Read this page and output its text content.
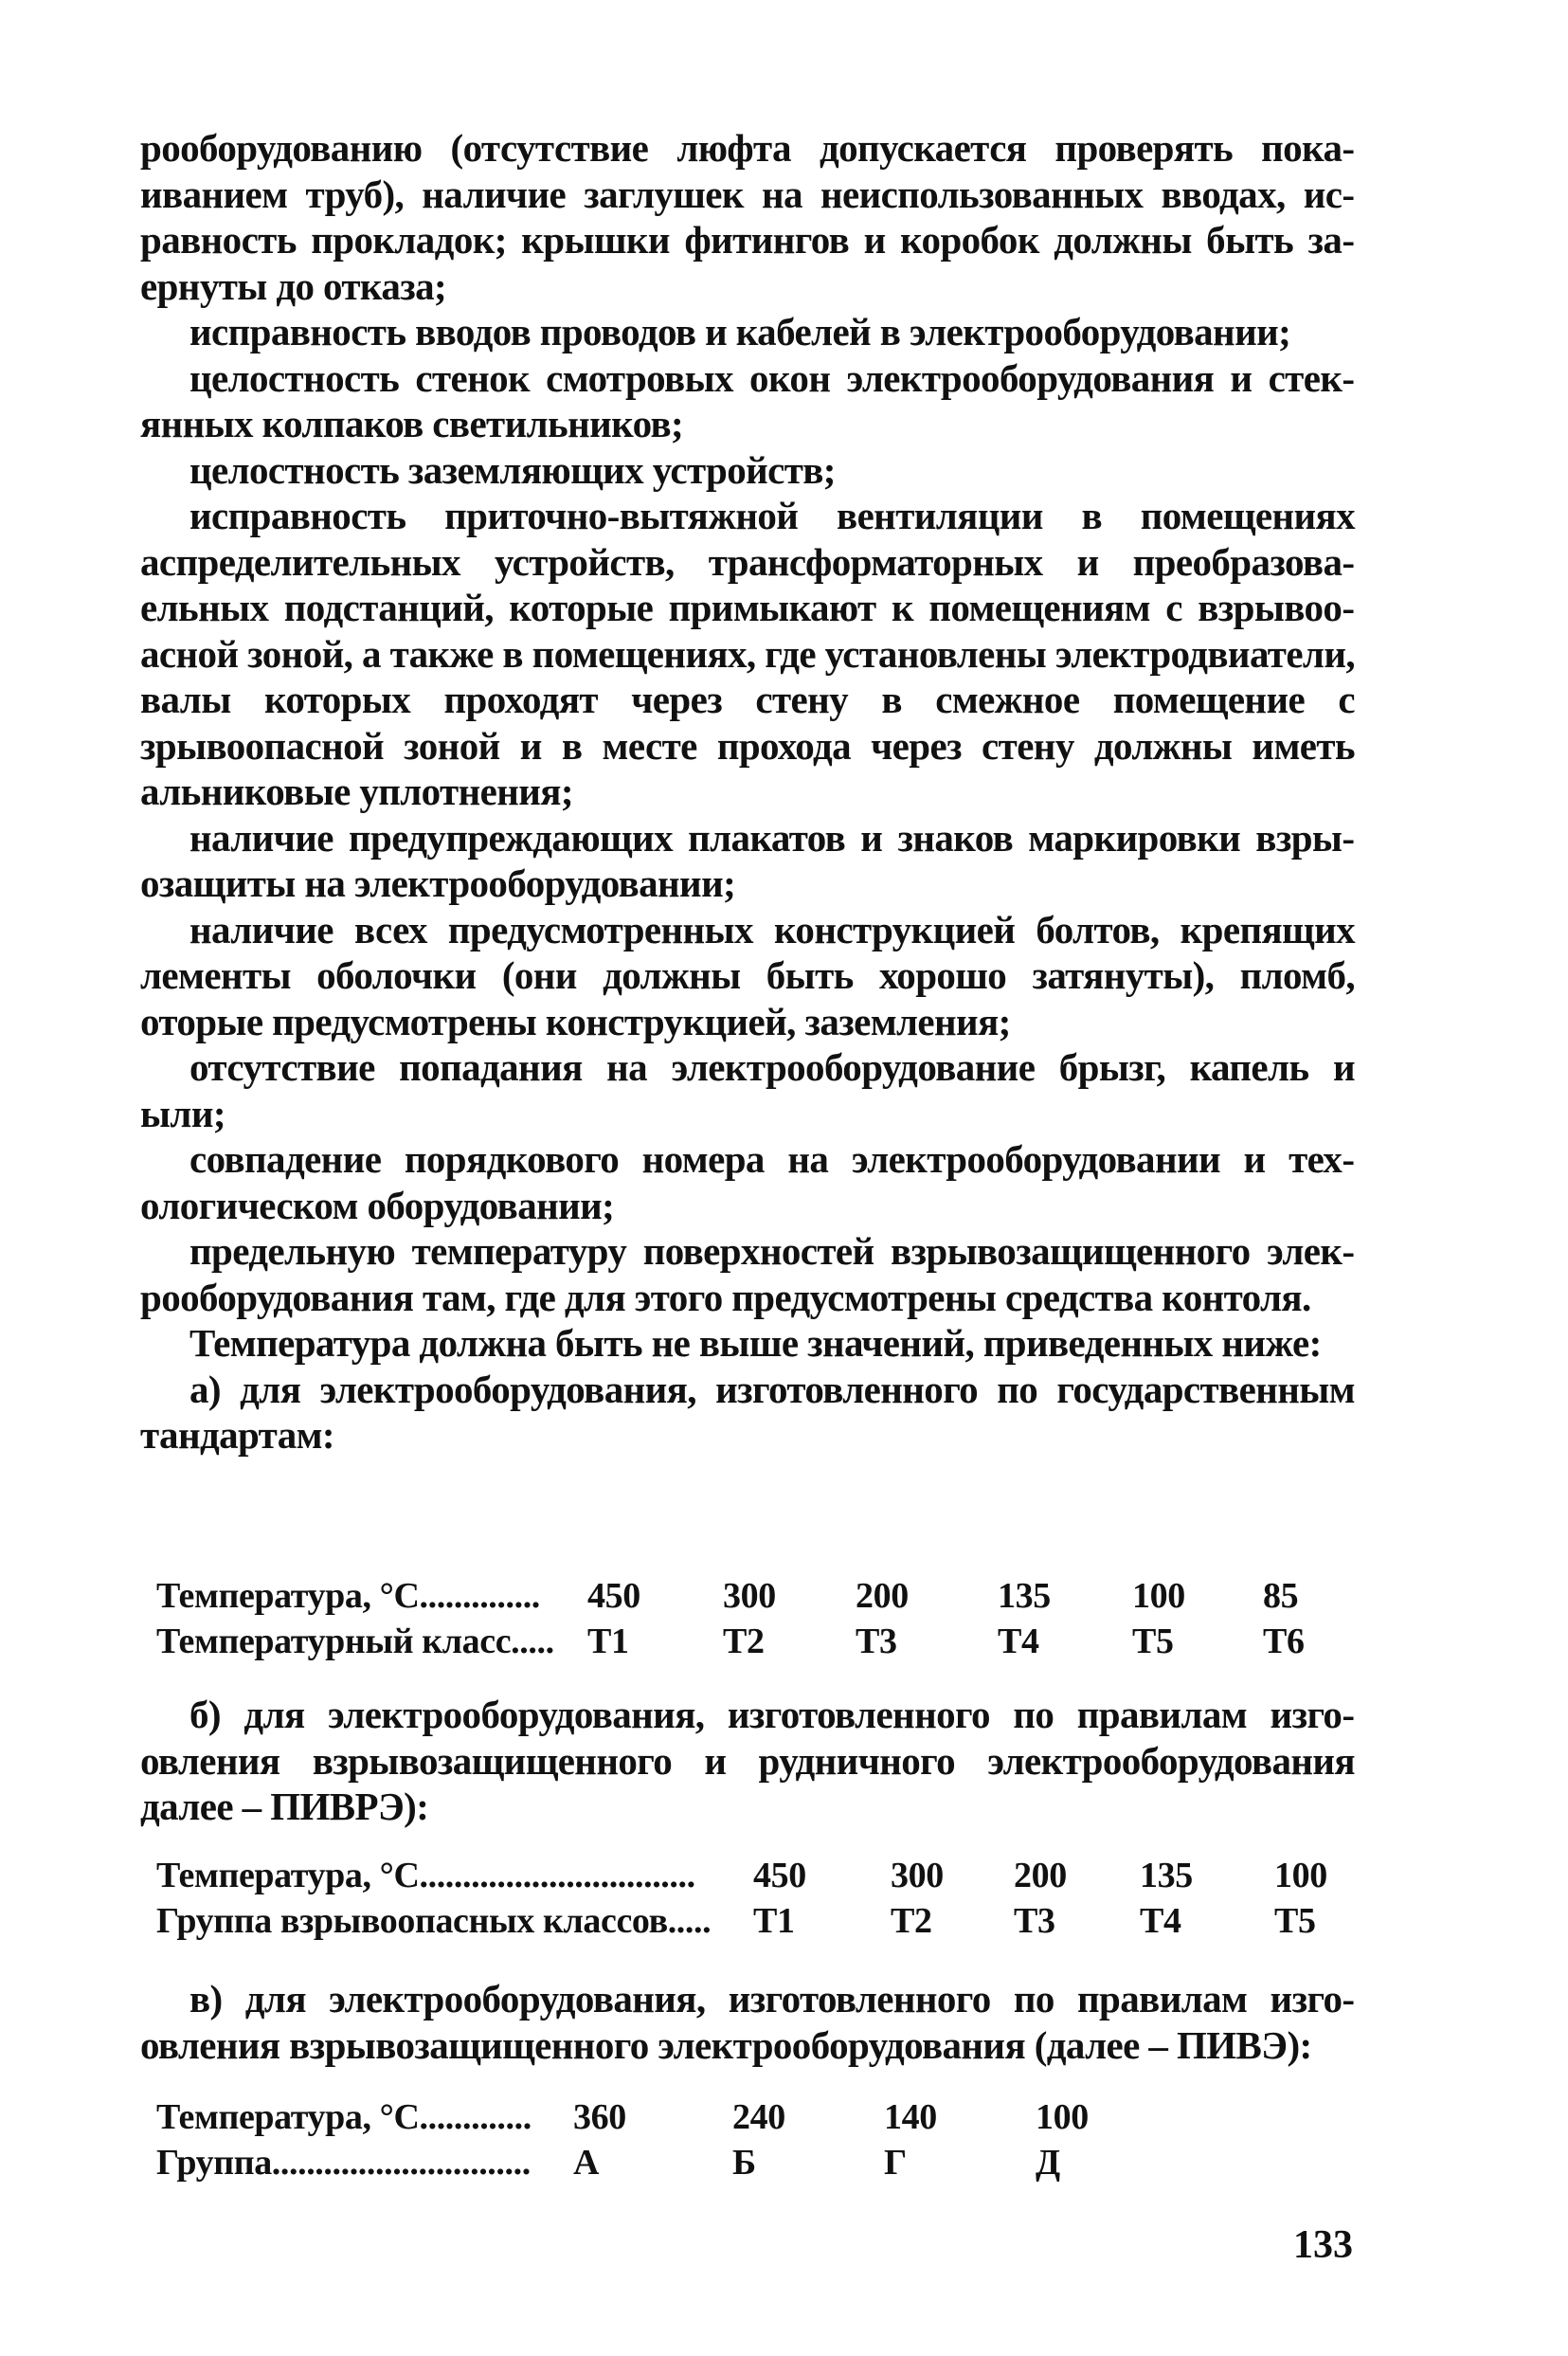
рооборудованию (отсутствие люфта допускается проверять покаиванием труб), наличие заглушек на неиспользованных вводах, исравность прокладок; крышки фитингов и коробок должны быть заернуты до отказа;

исправность вводов проводов и кабелей в электрооборудовании;

целостность стенок смотровых окон электрооборудования и стекянных колпаков светильников;

целостность заземляющих устройств;

исправность приточно-вытяжной вентиляции в помещениях аспределительных устройств, трансформаторных и преобразоваельных подстанций, которые примыкают к помещениям с взрывооасной зоной, а также в помещениях, где установлены электродвиатели, валы которых проходят через стену в смежное помещение с зрывоопасной зоной и в месте прохода через стену должны иметь альниковые уплотнения;

наличие предупреждающих плакатов и знаков маркировки взрыозащиты на электрооборудовании;

наличие всех предусмотренных конструкцией болтов, крепящих лементы оболочки (они должны быть хорошо затянуты), пломб, оторые предусмотрены конструкцией, заземления;

отсутствие попадания на электрооборудование брызг, капель и ыли;

совпадение порядкового номера на электрооборудовании и техологическом оборудовании;

предельную температуру поверхностей взрывозащищенного элекрооборудования там, где для этого предусмотрены средства контоля.

Температура должна быть не выше значений, приведенных ниже:

а) для электрооборудования, изготовленного по государственным тандартам:

Температура, °С.............. 450 300 200 135 100 85
Температурный класс..... Т1	Т2	Т3	Т4	Т5 Т6

б) для электрооборудования, изготовленного по правилам изгоовления взрывозащищенного и рудничного электрооборудования далее – ПИВРЭ):

Температура, °С................................ 450 300 200 135 100
Группа взрывоопасных классов..... Т1	Т2 Т3 Т4	Т5

в) для электрооборудования, изготовленного по правилам изгоовления взрывозащищенного электрооборудования (далее – ПИВЭ):

Температура, °С............. 360	240	140	100
Группа.............................. А	Б	Г	Д
133
